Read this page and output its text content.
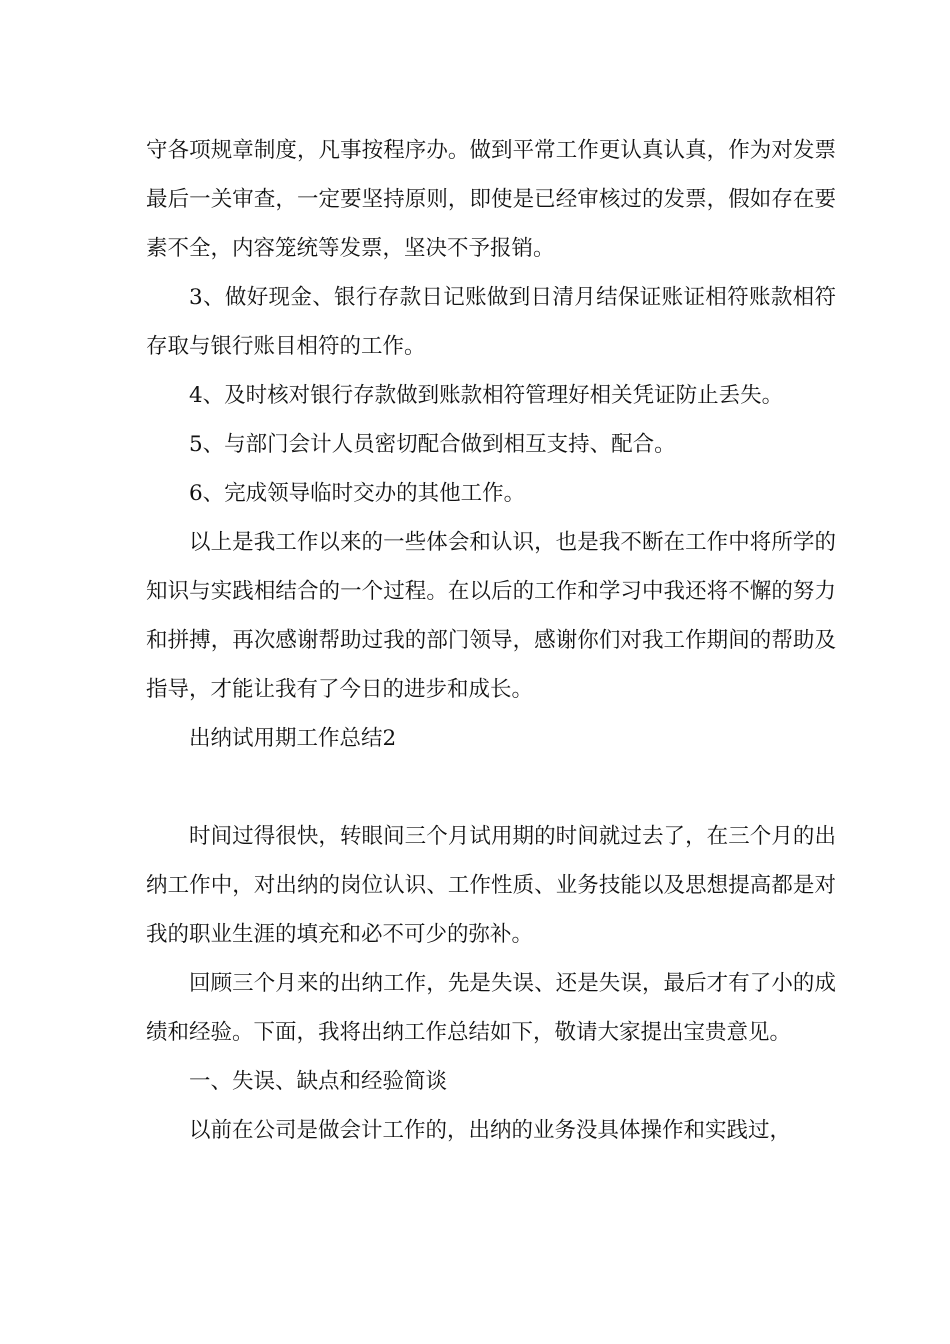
守各项规章制度，凡事按程序办。做到平常工作更认真认真，作为对发票最后一关审查，一定要坚持原则，即使是已经审核过的发票，假如存在要素不全，内容笼统等发票，坚决不予报销。

3、做好现金、银行存款日记账做到日清月结保证账证相符账款相符存取与银行账目相符的工作。

4、及时核对银行存款做到账款相符管理好相关凭证防止丢失。

5、与部门会计人员密切配合做到相互支持、配合。

6、完成领导临时交办的其他工作。

以上是我工作以来的一些体会和认识，也是我不断在工作中将所学的知识与实践相结合的一个过程。在以后的工作和学习中我还将不懈的努力和拼搏，再次感谢帮助过我的部门领导，感谢你们对我工作期间的帮助及指导，才能让我有了今日的进步和成长。

出纳试用期工作总结2

时间过得很快，转眼间三个月试用期的时间就过去了，在三个月的出纳工作中，对出纳的岗位认识、工作性质、业务技能以及思想提高都是对我的职业生涯的填充和必不可少的弥补。

回顾三个月来的出纳工作，先是失误、还是失误，最后才有了小的成绩和经验。下面，我将出纳工作总结如下，敬请大家提出宝贵意见。

一、失误、缺点和经验简谈

以前在公司是做会计工作的，出纳的业务没具体操作和实践过，
